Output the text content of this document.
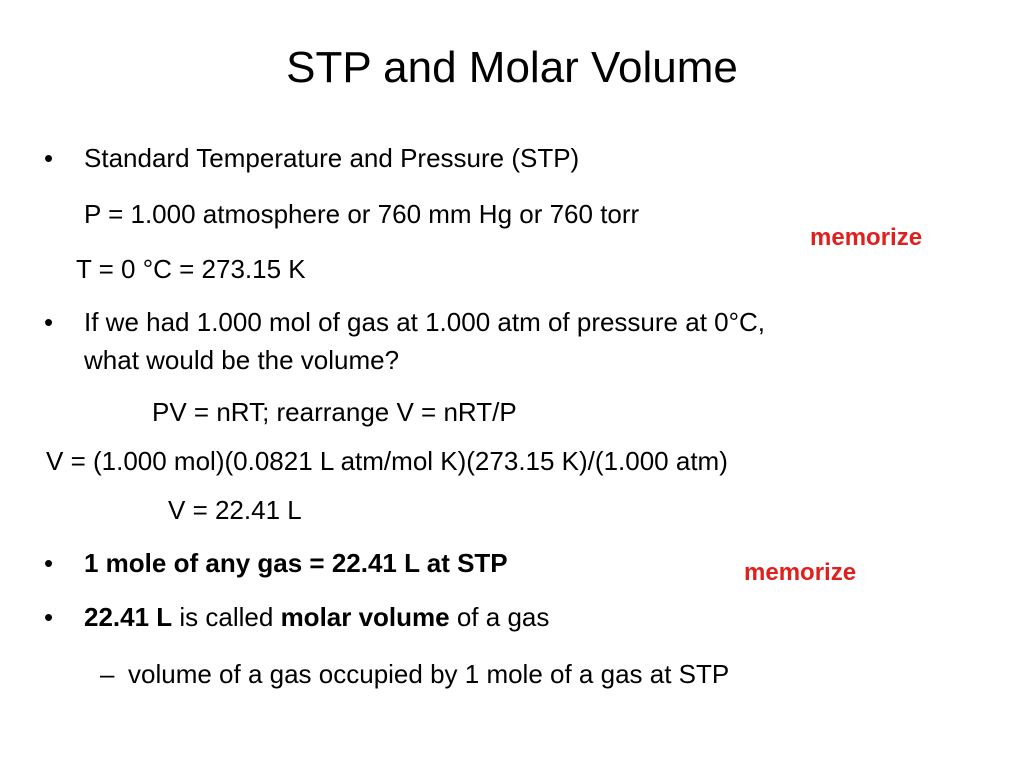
STP and Molar Volume
• Standard Temperature and Pressure (STP)
P = 1.000 atmosphere or 760 mm Hg or 760 torr
T = 0 °C = 273.15 K
memorize
• If we had 1.000 mol of gas at 1.000 atm of pressure at 0°C,
what would be the volume?
PV = nRT; rearrange V = nRT/P
V = (1.000 mol)(0.0821 L atm/mol K)(273.15 K)/(1.000 atm)
V = 22.41 L
• 1 mole of any gas = 22.41 L at STP	memorize
• 22.41 L is called molar volume of a gas
– volume of a gas occupied by 1 mole of a gas at STP
